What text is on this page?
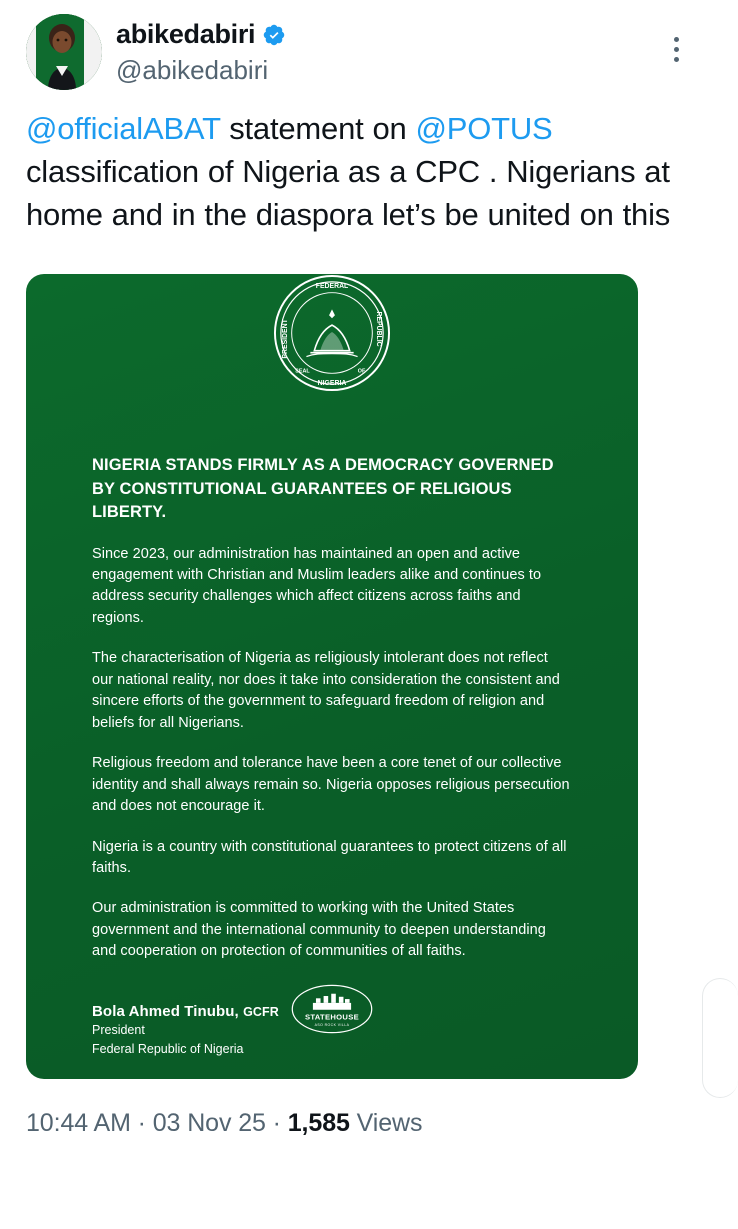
abikedabiri
@abikedabiri
@officialABAT statement on @POTUS classification of Nigeria as a CPC . Nigerians at home and in the diaspora let’s be united on this
FEDERAL
NIGERIA
PRESIDENT	REPUBLIC
SEAL	OF
NIGERIA STANDS FIRMLY AS A DEMOCRACY GOVERNED BY CONSTITUTIONAL GUARANTEES OF RELIGIOUS LIBERTY.
Since 2023, our administration has maintained an open and active engagement with Christian and Muslim leaders alike and continues to address security challenges which affect citizens across faiths and regions.
The characterisation of Nigeria as religiously intolerant does not reflect our national reality, nor does it take into consideration the consistent and sincere efforts of the government to safeguard freedom of religion and beliefs for all Nigerians.
Religious freedom and tolerance have been a core tenet of our collective identity and shall always remain so. Nigeria opposes religious persecution and does not encourage it.
Nigeria is a country with constitutional guarantees to protect citizens of all faiths.
Our administration is committed to working with the United States government and the international community to deepen understanding and cooperation on protection of communities of all faiths.
Bola Ahmed Tinubu, GCFR
President
Federal Republic of Nigeria
STATEHOUSE
ASO ROCK VILLA
10:44 AM · 03 Nov 25 · 1,585 Views
